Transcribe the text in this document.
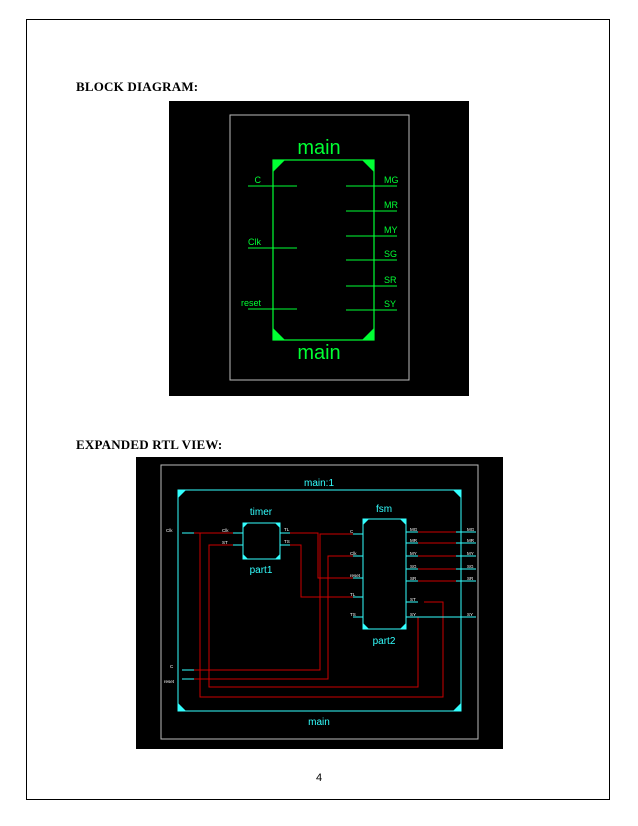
BLOCK DIAGRAM:
main
main
C
Clk
reset
MG
MR
MY
SG
SR
SY
EXPANDED RTL VIEW:
main:1
main
timer
part1
Clk
ST
TL
TS
fsm
part2
C
Clk
reset
TL
TS
MG
MR
MY
SG
SR
ST
SY
Clk
C
reset
MG
MR
MY
SG
SR
SY
4
